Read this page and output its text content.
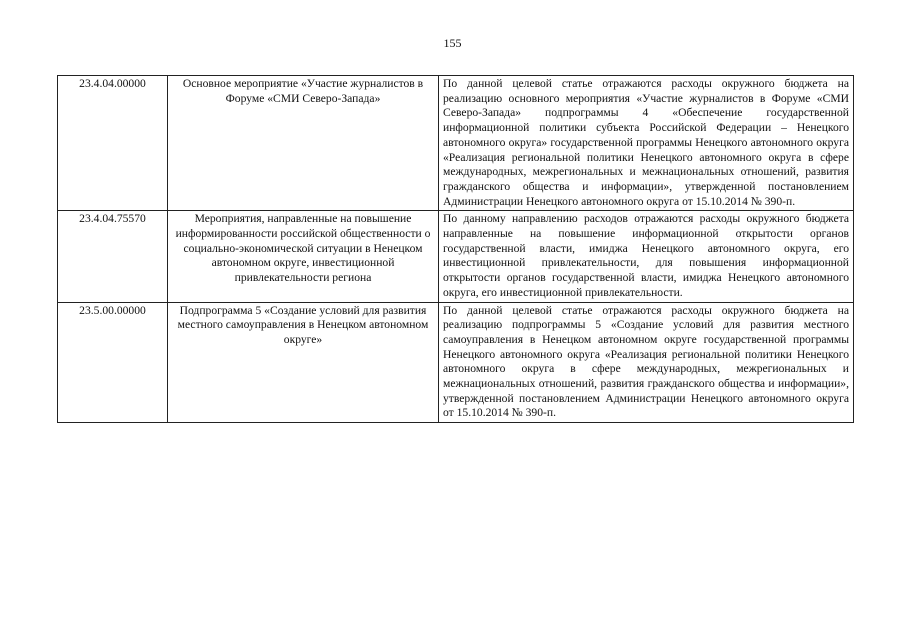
155
23.4.04.00000	Основное мероприятие «Участие журналистов в Форуме «СМИ Северо-Запада»	По данной целевой статье отражаются расходы окружного бюджета на реализацию основного мероприятия «Участие журналистов в Форуме «СМИ Северо-Запада» подпрограммы 4 «Обеспечение государственной информационной политики субъекта Российской Федерации – Ненецкого автономного округа» государственной программы Ненецкого автономного округа «Реализация региональной политики Ненецкого автономного округа в сфере международных, межрегиональных и межнациональных отношений, развития гражданского общества и информации», утвержденной постановлением Администрации Ненецкого автономного округа от 15.10.2014 № 390-п.
23.4.04.75570	Мероприятия, направленные на повышение информированности российской общественности о социально-экономической ситуации в Ненецком автономном округе, инвестиционной привлекательности региона	По данному направлению расходов отражаются расходы окружного бюджета направленные на повышение информационной открытости органов государственной власти, имиджа Ненецкого автономного округа, его инвестиционной привлекательности, для повышения информационной открытости органов государственной власти, имиджа Ненецкого автономного округа, его инвестиционной привлекательности.
23.5.00.00000	Подпрограмма 5 «Создание условий для развития местного самоуправления в Ненецком автономном округе»	По данной целевой статье отражаются расходы окружного бюджета на реализацию подпрограммы 5 «Создание условий для развития местного самоуправления в Ненецком автономном округе государственной программы Ненецкого автономного округа «Реализация региональной политики Ненецкого автономного округа в сфере международных, межрегиональных и межнациональных отношений, развития гражданского общества и информации», утвержденной постановлением Администрации Ненецкого автономного округа от 15.10.2014 № 390-п.
